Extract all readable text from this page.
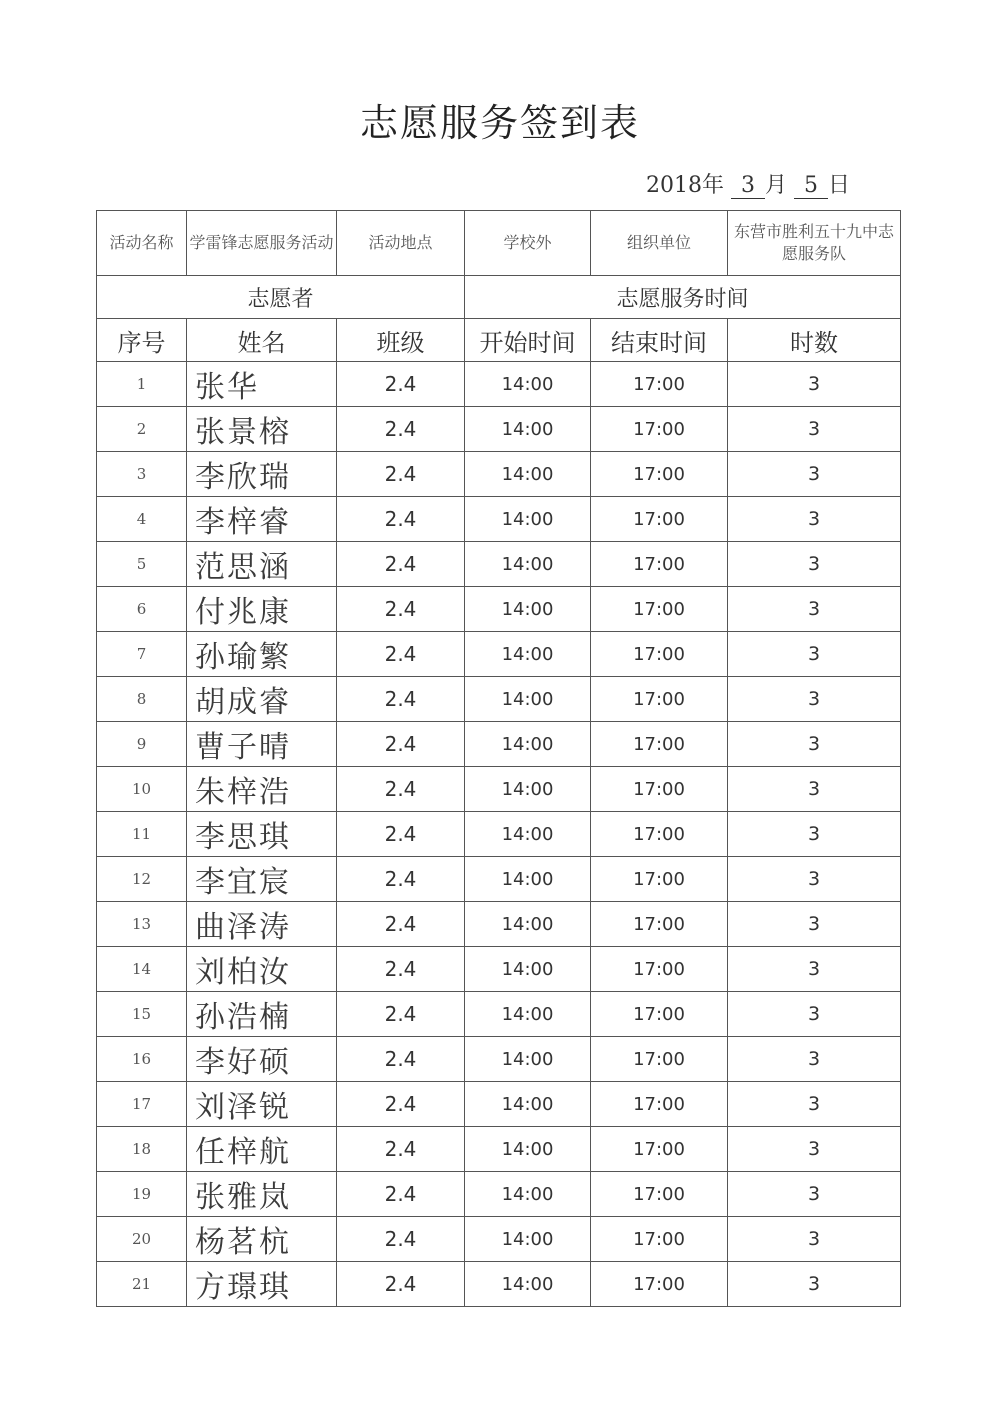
志愿服务签到表
2018年 3 月 5 日
活动名称	学雷锋志愿服务活动	活动地点	学校外	组织单位	东营市胜利五十九中志愿服务队
志愿者			志愿服务时间		
序号	姓名	班级	开始时间	结束时间	时数
1	张华	2.4	14:00	17:00	3
2	张景榕	2.4	14:00	17:00	3
3	李欣瑞	2.4	14:00	17:00	3
4	李梓睿	2.4	14:00	17:00	3
5	范思涵	2.4	14:00	17:00	3
6	付兆康	2.4	14:00	17:00	3
7	孙瑜繁	2.4	14:00	17:00	3
8	胡成睿	2.4	14:00	17:00	3
9	曹子晴	2.4	14:00	17:00	3
10	朱梓浩	2.4	14:00	17:00	3
11	李思琪	2.4	14:00	17:00	3
12	李宜宸	2.4	14:00	17:00	3
13	曲泽涛	2.4	14:00	17:00	3
14	刘柏汝	2.4	14:00	17:00	3
15	孙浩楠	2.4	14:00	17:00	3
16	李好硕	2.4	14:00	17:00	3
17	刘泽锐	2.4	14:00	17:00	3
18	任梓航	2.4	14:00	17:00	3
19	张雅岚	2.4	14:00	17:00	3
20	杨茗杭	2.4	14:00	17:00	3
21	方璟琪	2.4	14:00	17:00	3
